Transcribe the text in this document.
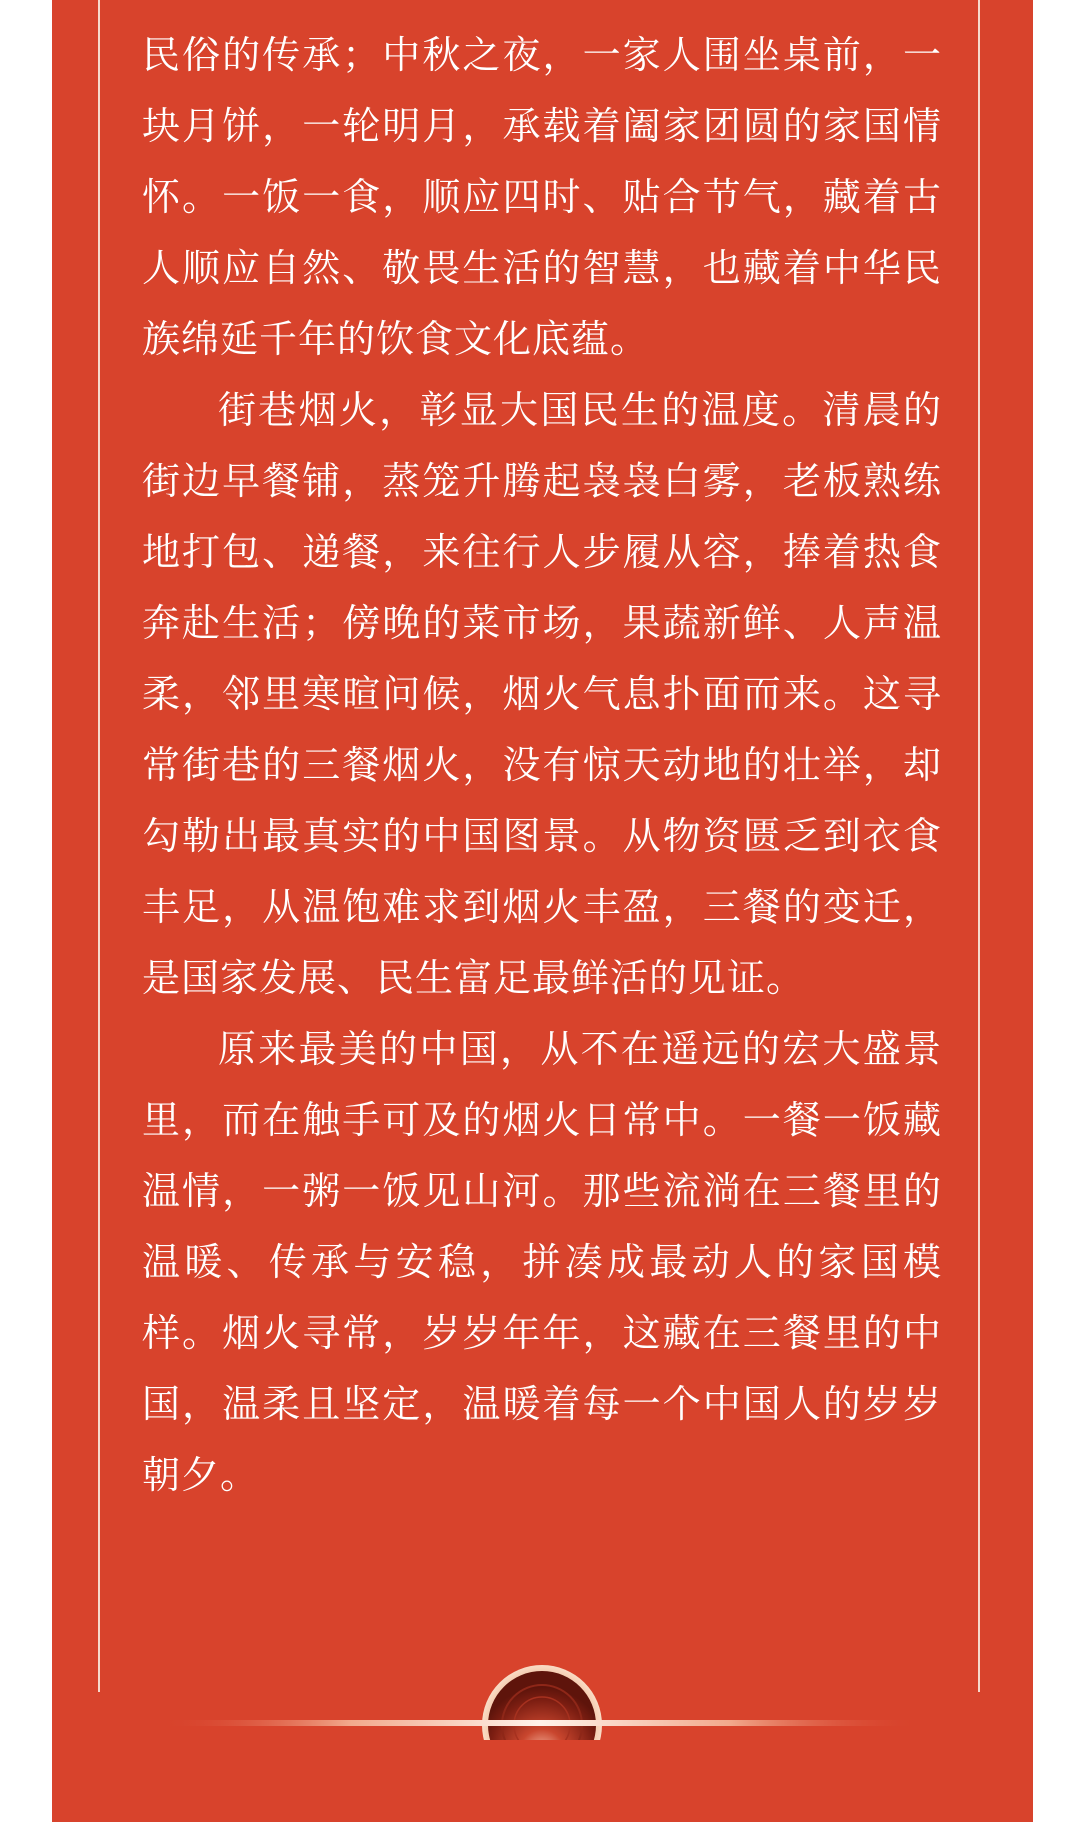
民俗的传承；中秋之夜，一家人围坐桌前，一块月饼，一轮明月，承载着阖家团圆的家国情怀。一饭一食，顺应四时、贴合节气，藏着古人顺应自然、敬畏生活的智慧，也藏着中华民族绵延千年的饮食文化底蕴。

街巷烟火，彰显大国民生的温度。清晨的街边早餐铺，蒸笼升腾起袅袅白雾，老板熟练地打包、递餐，来往行人步履从容，捧着热食奔赴生活；傍晚的菜市场，果蔬新鲜、人声温柔，邻里寒暄问候，烟火气息扑面而来。这寻常街巷的三餐烟火，没有惊天动地的壮举，却勾勒出最真实的中国图景。从物资匮乏到衣食丰足，从温饱难求到烟火丰盈，三餐的变迁，是国家发展、民生富足最鲜活的见证。

原来最美的中国，从不在遥远的宏大盛景里，而在触手可及的烟火日常中。一餐一饭藏温情，一粥一饭见山河。那些流淌在三餐里的温暖、传承与安稳，拼凑成最动人的家国模样。烟火寻常，岁岁年年，这藏在三餐里的中国，温柔且坚定，温暖着每一个中国人的岁岁朝夕。
